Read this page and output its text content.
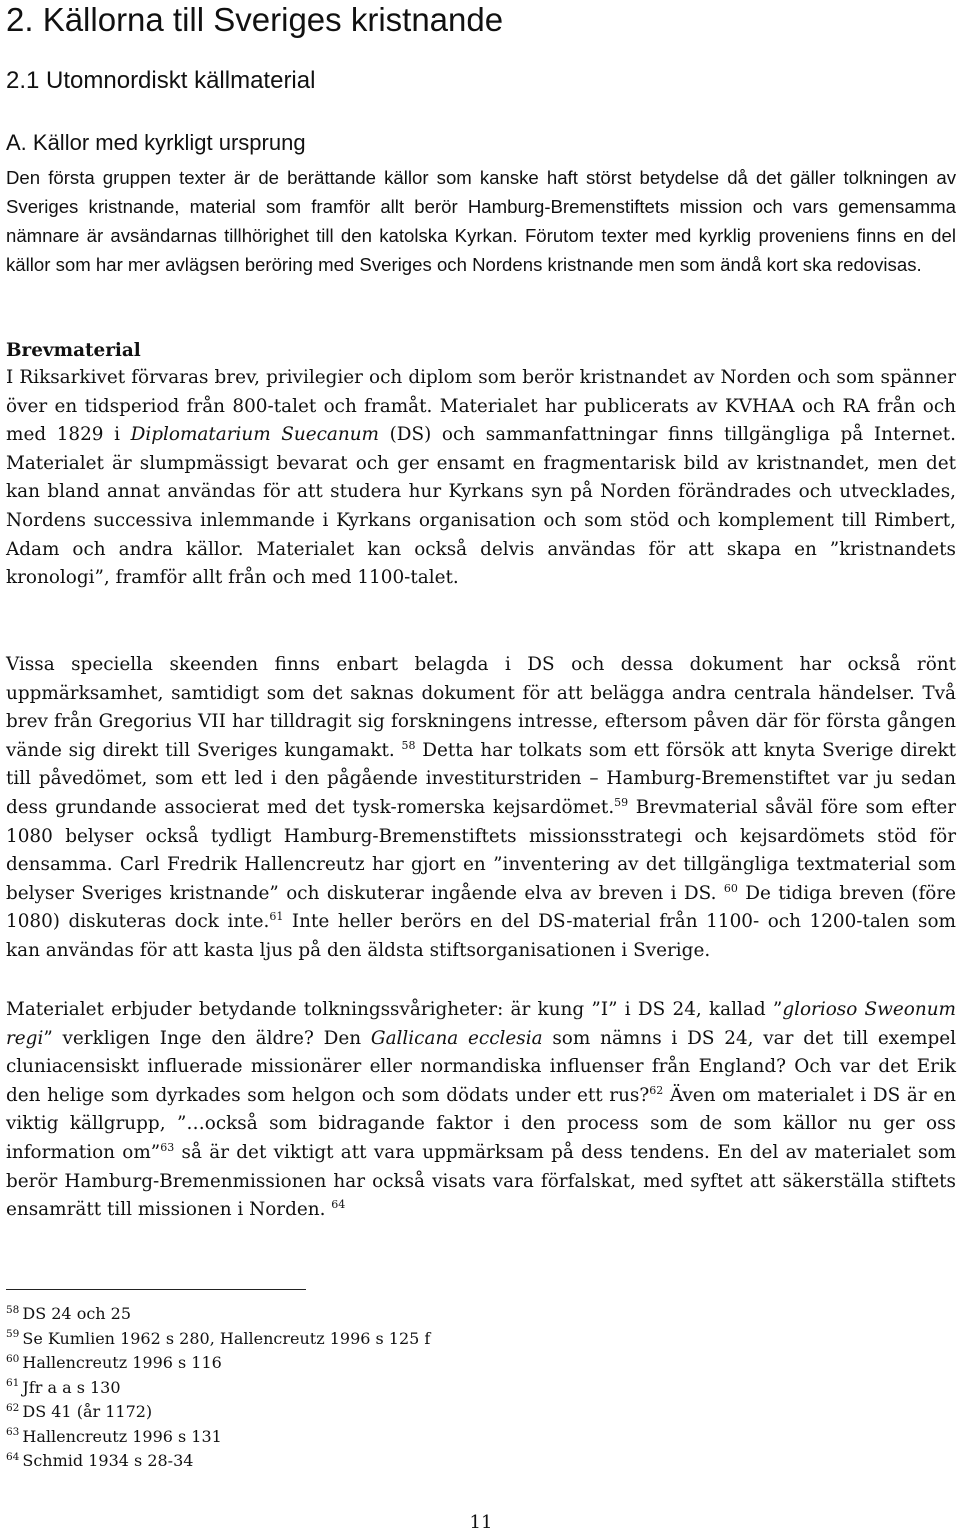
2. Källorna till Sveriges kristnande
2.1 Utomnordiskt källmaterial
A. Källor med kyrkligt ursprung

Den första gruppen texter är de berättande källor som kanske haft störst betydelse då det gäller tolkningen av Sveriges kristnande, material som framför allt berör Hamburg-Bremenstiftets mission och vars gemensamma nämnare är avsändarnas tillhörighet till den katolska Kyrkan. Förutom texter med kyrklig proveniens finns en del källor som har mer avlägsen beröring med Sveriges och Nordens kristnande men som ändå kort ska redovisas.

Brevmaterial

I Riksarkivet förvaras brev, privilegier och diplom som berör kristnandet av Norden och som spänner över en tidsperiod från 800-talet och framåt. Materialet har publicerats av KVHAA och RA från och med 1829 i Diplomatarium Suecanum (DS) och sammanfattningar finns tillgängliga på Internet. Materialet är slumpmässigt bevarat och ger ensamt en fragmentarisk bild av kristnandet, men det kan bland annat användas för att studera hur Kyrkans syn på Norden förändrades och utvecklades, Nordens successiva inlemmande i Kyrkans organisation och som stöd och komplement till Rimbert, Adam och andra källor. Materialet kan också delvis användas för att skapa en ”kristnandets kronologi”, framför allt från och med 1100-talet.

Vissa speciella skeenden finns enbart belagda i DS och dessa dokument har också rönt uppmärksamhet, samtidigt som det saknas dokument för att belägga andra centrala händelser. Två brev från Gregorius VII har tilldragit sig forskningens intresse, eftersom påven där för första gången vände sig direkt till Sveriges kungamakt. $^{58}$ Detta har tolkats som ett försök att knyta Sverige direkt till påvedömet, som ett led i den pågående investiturstriden – Hamburg-Bremenstiftet var ju sedan dess grundande associerat med det tysk-romerska kejsardömet.$^{59}$ Brevmaterial såväl före som efter 1080 belyser också tydligt Hamburg-Bremenstiftets missionsstrategi och kejsardömets stöd för densamma. Carl Fredrik Hallencreutz har gjort en ”inventering av det tillgängliga textmaterial som belyser Sveriges kristnande” och diskuterar ingående elva av breven i DS. $^{60}$ De tidiga breven (före 1080) diskuteras dock inte.$^{61}$ Inte heller berörs en del DS-material från 1100- och 1200-talen som kan användas för att kasta ljus på den äldsta stiftsorganisationen i Sverige.

Materialet erbjuder betydande tolkningssvårigheter: är kung ”I” i DS 24, kallad ”glorioso Sweonum regi” verkligen Inge den äldre? Den Gallicana ecclesia som nämns i DS 24, var det till exempel cluniacensiskt influerade missionärer eller normandiska influenser från England? Och var det Erik den helige som dyrkades som helgon och som dödats under ett rus?$^{62}$ Även om materialet i DS är en viktig källgrupp, ”…också som bidragande faktor i den process som de som källor nu ger oss information om”$^{63}$ så är det viktigt att vara uppmärksam på dess tendens. En del av materialet som berör Hamburg-Bremenmissionen har också visats vara förfalskat, med syftet att säkerställa stiftets ensamrätt till missionen i Norden. $^{64}$

$^{58}$ DS 24 och 25
$^{59}$ Se Kumlien 1962 s 280, Hallencreutz 1996 s 125 f
$^{60}$ Hallencreutz 1996 s 116
$^{61}$ Jfr a a s 130
$^{62}$ DS 41 (år 1172)
$^{63}$ Hallencreutz 1996 s 131
$^{64}$ Schmid 1934 s 28-34
11
